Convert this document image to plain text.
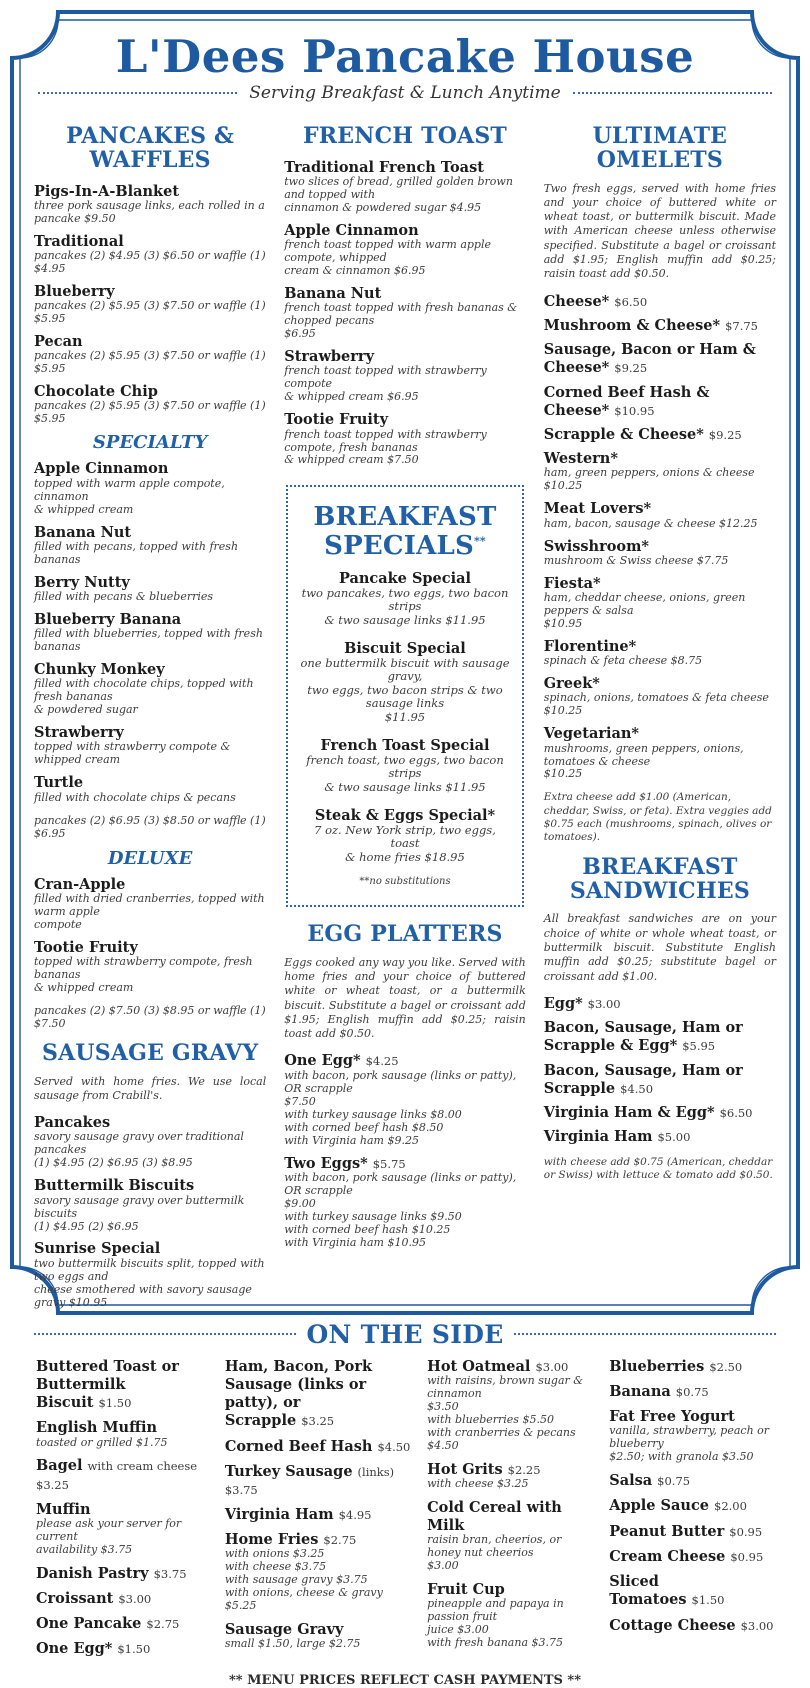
L'Dees Pancake House
Serving Breakfast & Lunch Anytime
PANCAKES & WAFFLES
Pigs-In-A-Blanket
three pork sausage links, each rolled in a pancake $9.50
Traditional
pancakes (2) $4.95 (3) $6.50 or waffle (1) $4.95
Blueberry
pancakes (2) $5.95 (3) $7.50 or waffle (1) $5.95
Pecan
pancakes (2) $5.95 (3) $7.50 or waffle (1) $5.95
Chocolate Chip
pancakes (2) $5.95 (3) $7.50 or waffle (1) $5.95
SPECIALTY
Apple Cinnamon
topped with warm apple compote, cinnamon
& whipped cream
Banana Nut
filled with pecans, topped with fresh bananas
Berry Nutty
filled with pecans & blueberries
Blueberry Banana
filled with blueberries, topped with fresh bananas
Chunky Monkey
filled with chocolate chips, topped with fresh bananas
& powdered sugar
Strawberry
topped with strawberry compote & whipped cream
Turtle
filled with chocolate chips & pecans

pancakes (2) $6.95 (3) $8.50 or waffle (1) $6.95

DELUXE
Cran-Apple
filled with dried cranberries, topped with warm apple
compote
Tootie Fruity
topped with strawberry compote, fresh bananas
& whipped cream

pancakes (2) $7.50 (3) $8.95 or waffle (1) $7.50

SAUSAGE GRAVY

Served with home fries. We use local sausage from Crabill's.

Pancakes
savory sausage gravy over traditional pancakes
(1) $4.95 (2) $6.95 (3) $8.95
Buttermilk Biscuits
savory sausage gravy over buttermilk biscuits
(1) $4.95 (2) $6.95
Sunrise Special
two buttermilk biscuits split, topped with two eggs and
cheese smothered with savory sausage gravy $10.95
FRENCH TOAST
Traditional French Toast
two slices of bread, grilled golden brown and topped with
cinnamon & powdered sugar $4.95
Apple Cinnamon
french toast topped with warm apple compote, whipped
cream & cinnamon $6.95
Banana Nut
french toast topped with fresh bananas & chopped pecans
$6.95
Strawberry
french toast topped with strawberry compote
& whipped cream $6.95
Tootie Fruity
french toast topped with strawberry compote, fresh bananas
& whipped cream $7.50
BREAKFAST SPECIALS**
Pancake Special
two pancakes, two eggs, two bacon strips
& two sausage links $11.95
Biscuit Special
one buttermilk biscuit with sausage gravy,
two eggs, two bacon strips & two sausage links
$11.95
French Toast Special
french toast, two eggs, two bacon strips
& two sausage links $11.95
Steak & Eggs Special*
7 oz. New York strip, two eggs, toast
& home fries $18.95

**no substitutions

EGG PLATTERS

Eggs cooked any way you like. Served with home fries and your choice of buttered white or wheat toast, or a buttermilk biscuit. Substitute a bagel or croissant add $1.95; English muffin add $0.25; raisin toast add $0.50.

One Egg* $4.25
with bacon, pork sausage (links or patty), OR scrapple
$7.50
with turkey sausage links $8.00
with corned beef hash $8.50
with Virginia ham $9.25
Two Eggs* $5.75
with bacon, pork sausage (links or patty), OR scrapple
$9.00
with turkey sausage links $9.50
with corned beef hash $10.25
with Virginia ham $10.95
ULTIMATE OMELETS

Two fresh eggs, served with home fries and your choice of buttered white or wheat toast, or buttermilk biscuit. Made with American cheese unless otherwise specified. Substitute a bagel or croissant add $1.95; English muffin add $0.25; raisin toast add $0.50.

Cheese* $6.50
Mushroom & Cheese* $7.75
Sausage, Bacon or Ham & Cheese* $9.25
Corned Beef Hash & Cheese* $10.95
Scrapple & Cheese* $9.25
Western*
ham, green peppers, onions & cheese $10.25
Meat Lovers*
ham, bacon, sausage & cheese $12.25
Swisshroom*
mushroom & Swiss cheese $7.75
Fiesta*
ham, cheddar cheese, onions, green peppers & salsa
$10.95
Florentine*
spinach & feta cheese $8.75
Greek*
spinach, onions, tomatoes & feta cheese $10.25
Vegetarian*
mushrooms, green peppers, onions, tomatoes & cheese
$10.25

Extra cheese add $1.00 (American, cheddar, Swiss, or feta). Extra veggies add $0.75 each (mushrooms, spinach, olives or tomatoes).

BREAKFAST SANDWICHES

All breakfast sandwiches are on your choice of white or whole wheat toast, or buttermilk biscuit. Substitute English muffin add $0.25; substitute bagel or croissant add $1.00.

Egg* $3.00
Bacon, Sausage, Ham or Scrapple & Egg* $5.95
Bacon, Sausage, Ham or Scrapple $4.50
Virginia Ham & Egg* $6.50
Virginia Ham $5.00

with cheese add $0.75 (American, cheddar or Swiss) with lettuce & tomato add $0.50.

ON THE SIDE
Buttered Toast or Buttermilk Biscuit $1.50
English Muffin
toasted or grilled $1.75
Bagel with cream cheese $3.25
Muffin
please ask your server for current
availability $3.75
Danish Pastry $3.75
Croissant $3.00
One Pancake $2.75
One Egg* $1.50
Ham, Bacon, Pork Sausage (links or patty), or Scrapple $3.25
Corned Beef Hash $4.50
Turkey Sausage (links) $3.75
Virginia Ham $4.95
Home Fries $2.75
with onions $3.25
with cheese $3.75
with sausage gravy $3.75
with onions, cheese & gravy $5.25
Sausage Gravy
small $1.50, large $2.75
Hot Oatmeal $3.00
with raisins, brown sugar & cinnamon
$3.50
with blueberries $5.50
with cranberries & pecans $4.50
Hot Grits $2.25
with cheese $3.25
Cold Cereal with Milk
raisin bran, cheerios, or honey nut cheerios
$3.00
Fruit Cup
pineapple and papaya in passion fruit
juice $3.00
with fresh banana $3.75
Blueberries $2.50
Banana $0.75
Fat Free Yogurt
vanilla, strawberry, peach or blueberry
$2.50; with granola $3.50
Salsa $0.75
Apple Sauce $2.00
Peanut Butter $0.95
Cream Cheese $0.95
Sliced Tomatoes $1.50
Cottage Cheese $3.00

** MENU PRICES REFLECT CASH PAYMENTS **
